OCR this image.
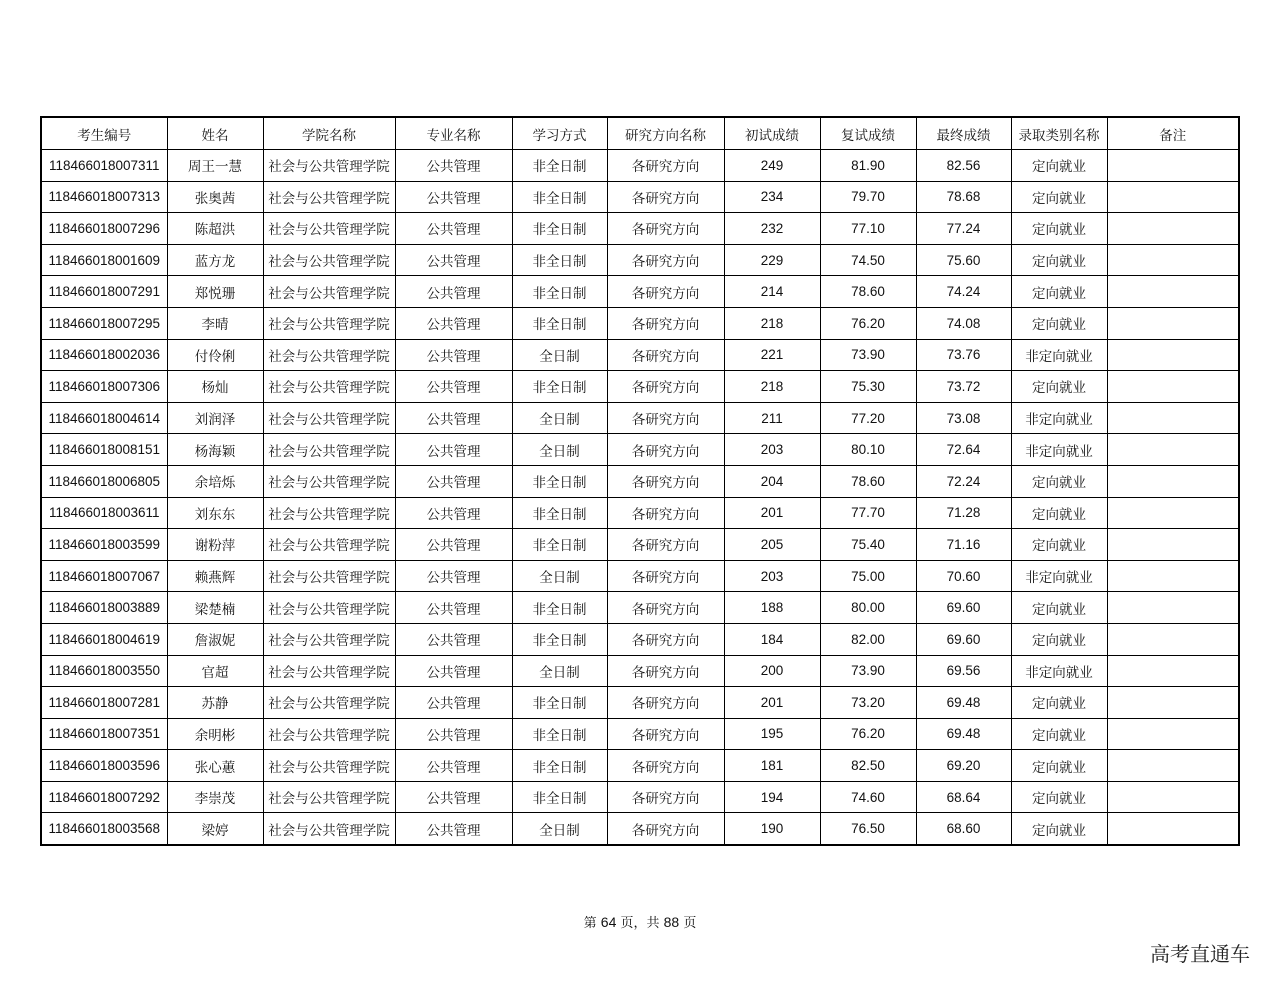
考生编号	姓名	学院名称	专业名称	学习方式	研究方向名称	初试成绩	复试成绩	最终成绩	录取类别名称	备注
118466018007311	周王一慧	社会与公共管理学院	公共管理	非全日制	各研究方向	249	81.90	82.56	定向就业	
118466018007313	张奥茜	社会与公共管理学院	公共管理	非全日制	各研究方向	234	79.70	78.68	定向就业	
118466018007296	陈超洪	社会与公共管理学院	公共管理	非全日制	各研究方向	232	77.10	77.24	定向就业	
118466018001609	蓝方龙	社会与公共管理学院	公共管理	非全日制	各研究方向	229	74.50	75.60	定向就业	
118466018007291	郑悦珊	社会与公共管理学院	公共管理	非全日制	各研究方向	214	78.60	74.24	定向就业	
118466018007295	李晴	社会与公共管理学院	公共管理	非全日制	各研究方向	218	76.20	74.08	定向就业	
118466018002036	付伶俐	社会与公共管理学院	公共管理	全日制	各研究方向	221	73.90	73.76	非定向就业	
118466018007306	杨灿	社会与公共管理学院	公共管理	非全日制	各研究方向	218	75.30	73.72	定向就业	
118466018004614	刘润泽	社会与公共管理学院	公共管理	全日制	各研究方向	211	77.20	73.08	非定向就业	
118466018008151	杨海颖	社会与公共管理学院	公共管理	全日制	各研究方向	203	80.10	72.64	非定向就业	
118466018006805	余培烁	社会与公共管理学院	公共管理	非全日制	各研究方向	204	78.60	72.24	定向就业	
118466018003611	刘东东	社会与公共管理学院	公共管理	非全日制	各研究方向	201	77.70	71.28	定向就业	
118466018003599	谢粉萍	社会与公共管理学院	公共管理	非全日制	各研究方向	205	75.40	71.16	定向就业	
118466018007067	赖燕辉	社会与公共管理学院	公共管理	全日制	各研究方向	203	75.00	70.60	非定向就业	
118466018003889	梁楚楠	社会与公共管理学院	公共管理	非全日制	各研究方向	188	80.00	69.60	定向就业	
118466018004619	詹淑妮	社会与公共管理学院	公共管理	非全日制	各研究方向	184	82.00	69.60	定向就业	
118466018003550	官超	社会与公共管理学院	公共管理	全日制	各研究方向	200	73.90	69.56	非定向就业	
118466018007281	苏静	社会与公共管理学院	公共管理	非全日制	各研究方向	201	73.20	69.48	定向就业	
118466018007351	余明彬	社会与公共管理学院	公共管理	非全日制	各研究方向	195	76.20	69.48	定向就业	
118466018003596	张心蕙	社会与公共管理学院	公共管理	非全日制	各研究方向	181	82.50	69.20	定向就业	
118466018007292	李崇茂	社会与公共管理学院	公共管理	非全日制	各研究方向	194	74.60	68.64	定向就业	
118466018003568	梁婷	社会与公共管理学院	公共管理	全日制	各研究方向	190	76.50	68.60	定向就业	
第 64 页，共 88 页
高考直通车
